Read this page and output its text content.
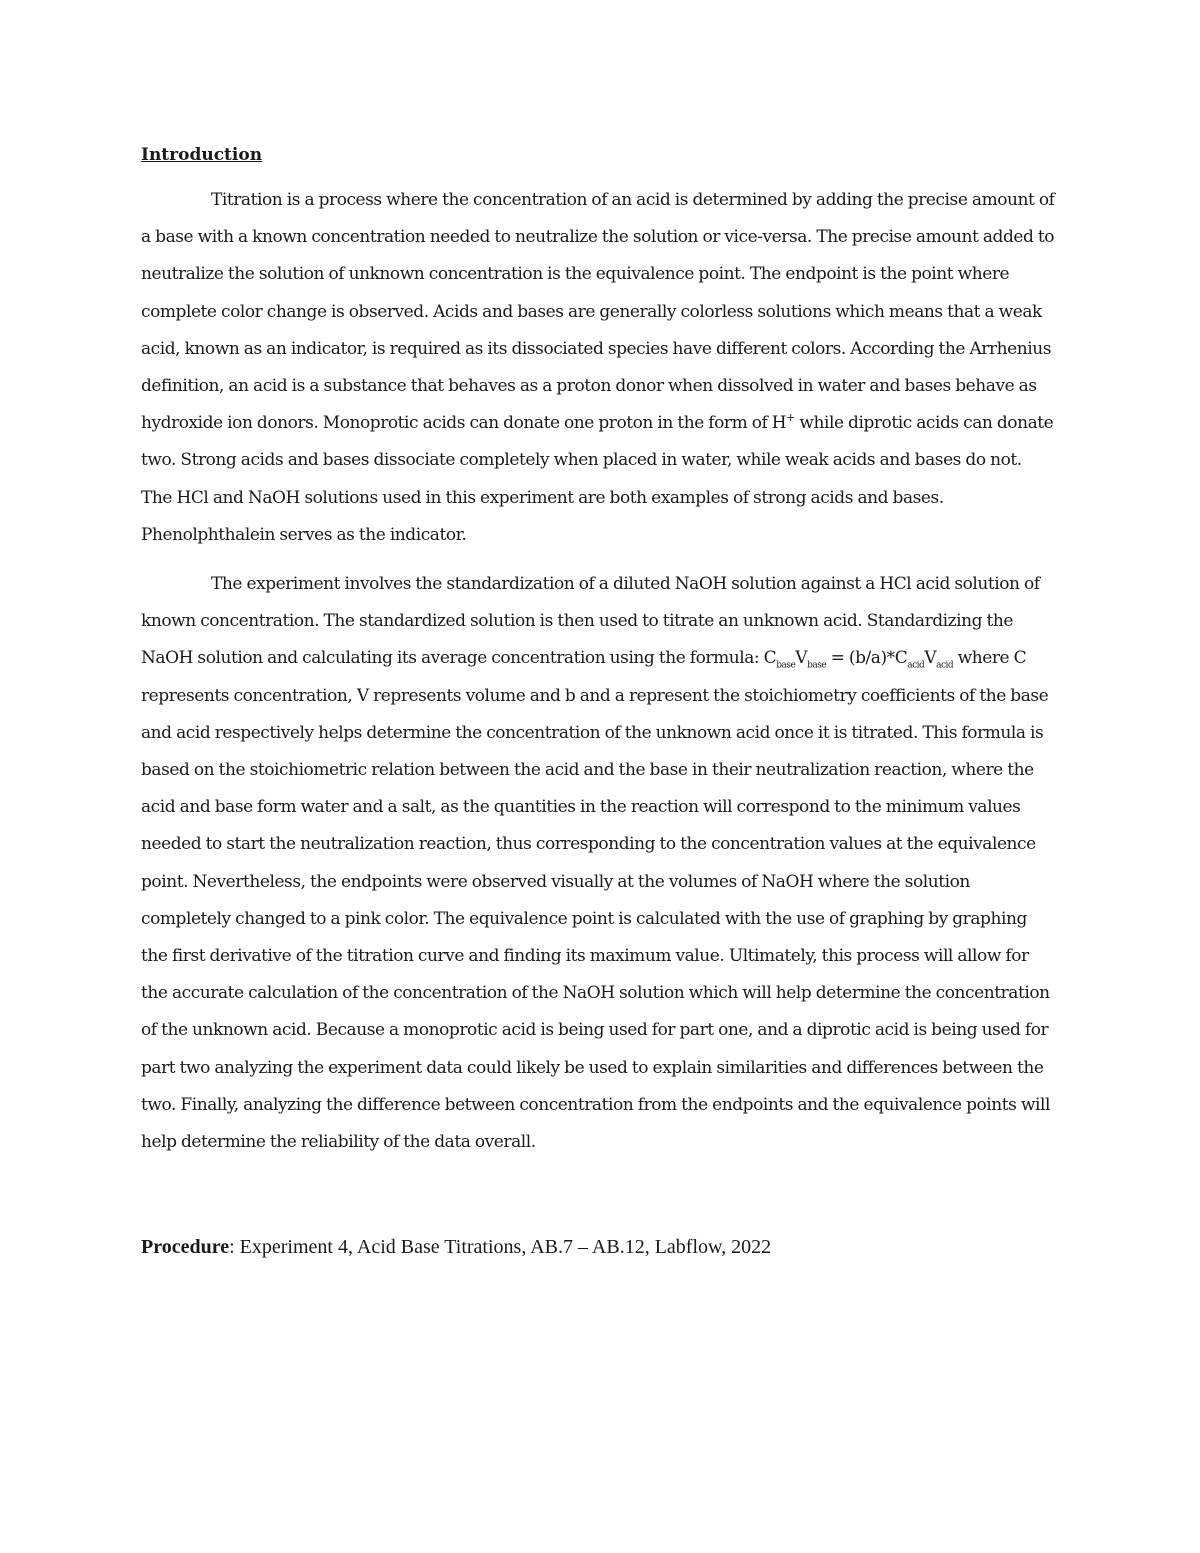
Introduction

Titration is a process where the concentration of an acid is determined by adding the precise amount of a base with a known concentration needed to neutralize the solution or vice-versa. The precise amount added to neutralize the solution of unknown concentration is the equivalence point. The endpoint is the point where complete color change is observed. Acids and bases are generally colorless solutions which means that a weak acid, known as an indicator, is required as its dissociated species have different colors. According the Arrhenius definition, an acid is a substance that behaves as a proton donor when dissolved in water and bases behave as hydroxide ion donors. Monoprotic acids can donate one proton in the form of H+ while diprotic acids can donate two. Strong acids and bases dissociate completely when placed in water, while weak acids and bases do not. The HCl and NaOH solutions used in this experiment are both examples of strong acids and bases. Phenolphthalein serves as the indicator.

The experiment involves the standardization of a diluted NaOH solution against a HCl acid solution of known concentration. The standardized solution is then used to titrate an unknown acid. Standardizing the NaOH solution and calculating its average concentration using the formula: $C_{base}V_{base} = (b/a)*C_{acid}V_{acid}$ where C represents concentration, V represents volume and b and a represent the stoichiometry coefficients of the base and acid respectively helps determine the concentration of the unknown acid once it is titrated. This formula is based on the stoichiometric relation between the acid and the base in their neutralization reaction, where the acid and base form water and a salt, as the quantities in the reaction will correspond to the minimum values needed to start the neutralization reaction, thus corresponding to the concentration values at the equivalence point. Nevertheless, the endpoints were observed visually at the volumes of NaOH where the solution completely changed to a pink color. The equivalence point is calculated with the use of graphing by graphing the first derivative of the titration curve and finding its maximum value. Ultimately, this process will allow for the accurate calculation of the concentration of the NaOH solution which will help determine the concentration of the unknown acid. Because a monoprotic acid is being used for part one, and a diprotic acid is being used for part two analyzing the experiment data could likely be used to explain similarities and differences between the two. Finally, analyzing the difference between concentration from the endpoints and the equivalence points will help determine the reliability of the data overall.

Procedure: Experiment 4, Acid Base Titrations, AB.7 – AB.12, Labflow, 2022
